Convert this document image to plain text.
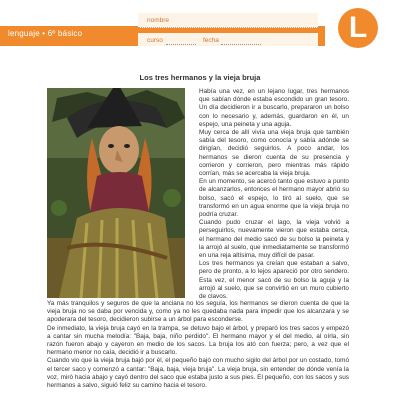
lenguaje • 6º básico
nombre
curso	fecha	L
Los tres hermanos y la vieja bruja

Había una vez, en un lejano lugar, tres hermanos que sabían dónde estaba escondido un gran tesoro. Un día decidieron ir a buscarlo, prepararon un bolso con lo necesario y, además, guardaron en él, un espejo, una peineta y una aguja.

Muy cerca de allí vivía una vieja bruja que también sabía del tesoro, como conocía y sabía adónde se dirigían, decidió seguirlos. A poco andar, los hermanos se dieron cuenta de su presencia y corrieron y corrieron, pero mientras más rápido corrían, más se acercaba la vieja bruja.

En un momento, se acercó tanto que estuvo a punto de alcanzarlos, entonces el hermano mayor abrió su bolso, sacó el espejo, lo tiró al suelo, que se transformó en un agua enorme que la vieja bruja no podría cruzar.

Cuando pudo cruzar el lago, la vieja volvió a perseguirlos, nuevamente vieron que estaba cerca, el hermano del medio sacó de su bolso la peineta y la arrojó al suelo, que inmediatamente se transformó en una reja altísima, muy difícil de pasar.

Los tres hermanos ya creían que estaban a salvo, pero de pronto, a lo lejos apareció por otro sendero. Esta vez, el menor sacó de su bolso la aguja y la arrojó al suelo, que se convirtió en un muro cubierto de clavos.

Ya más tranquilos y seguros de que la anciana no los seguía, los hermanos se dieron cuenta de que la vieja bruja no se daba por vencida y, como ya no les quedaba nada para impedir que los alcanzara y se apoderara del tesoro, decidieron subirse a un árbol para esconderse.

De inmediato, la vieja bruja cayó en la trampa, se detuvo bajo el árbol, y preparó los tres sacos y empezó a cantar sin mucha melodía: "Baja, baja, niño perdido". El hermano mayor y el del medio, al oírla, sin razón fueron abajo y cayeron en medio de los sacos. La bruja los ató con fuerza; pero, a vez que el hermano menor no caía, decidió ir a buscarlo.

Cuando vio que la vieja bruja bajó por él, el pequeño bajó con mucho sigilo del árbol por un costado, tomó el tercer saco y comenzó a cantar: "Baja, baja, vieja bruja". La vieja bruja, sin entender de dónde venía la voz, miró hacia abajo y cayó dentro del saco que estaba justo a sus pies. El pequeño, con los sacos y sus hermanos a salvo, siguió feliz su camino hacia el tesoro.
